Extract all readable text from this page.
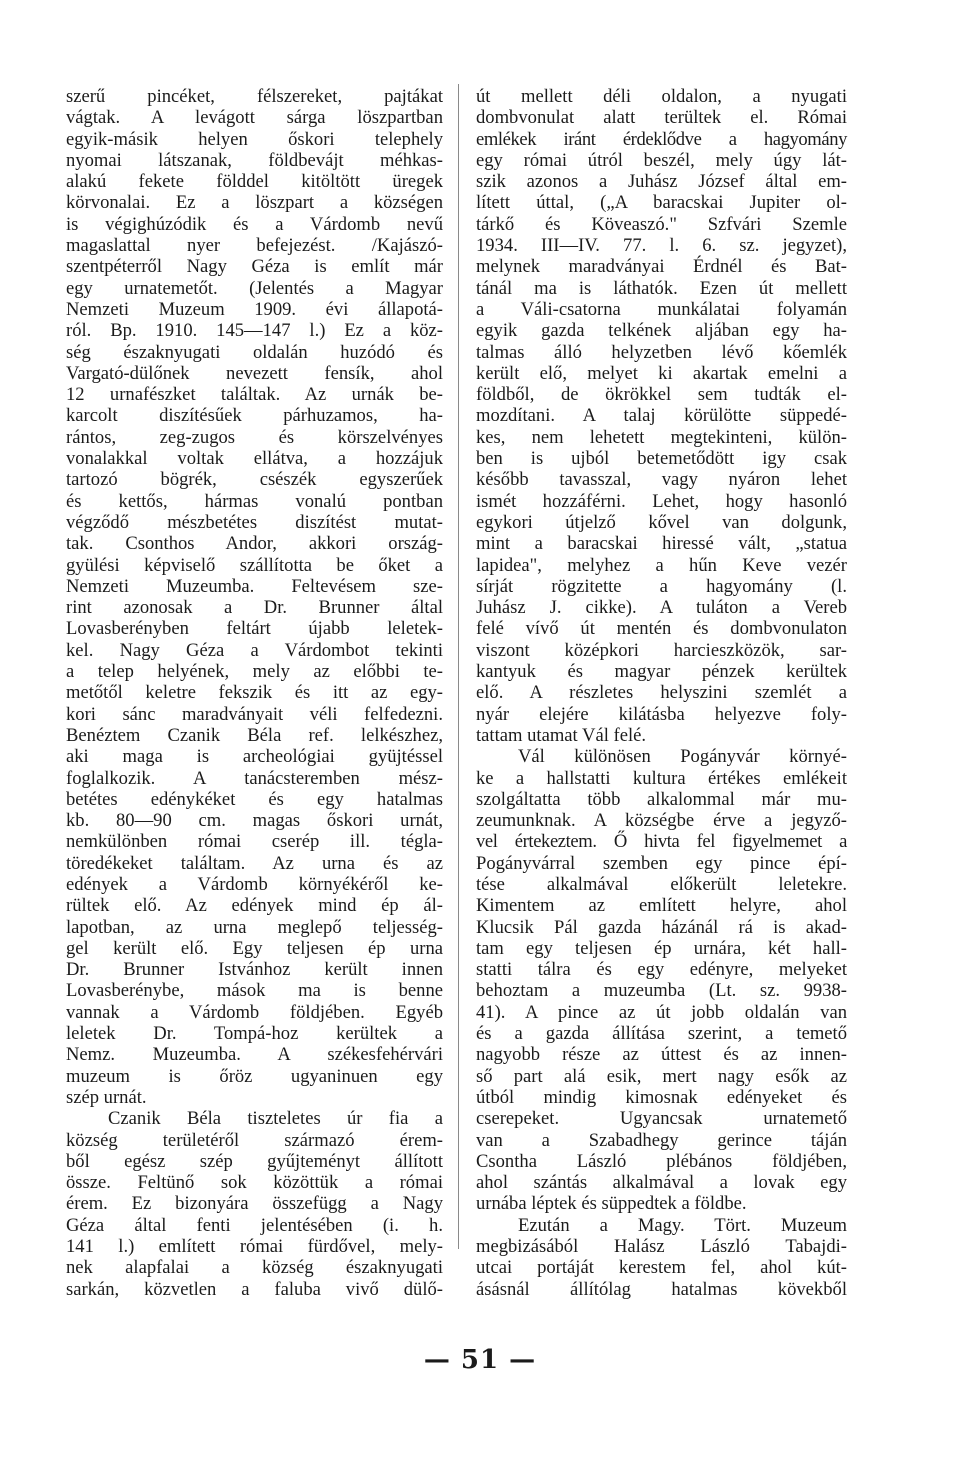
szerű pincéket, félszereket, pajtákat

vágtak. A levágott sárga löszpartban

egyik-másik helyen őskori telephely

nyomai látszanak, földbevájt méhkas-

alakú fekete földdel kitöltött üregek

körvonalai. Ez a löszpart a községen

is végighúzódik és a Várdomb nevű

magaslattal nyer befejezést. /Kajászó-

szentpéterről Nagy Géza is említ már

egy urnatemetőt. (Jelentés a Magyar

Nemzeti Muzeum 1909. évi állapotá-

ról. Bp. 1910. 145—147 l.) Ez a köz-

ség északnyugati oldalán huzódó és

Vargató-dülőnek nevezett fensík, ahol

12 urnafészket találtak. Az urnák be-

karcolt diszítésűek párhuzamos, ha-

rántos, zeg-zugos és körszelvényes

vonalakkal voltak ellátva, a hozzájuk

tartozó bögrék, csészék egyszerűek

és kettős, hármas vonalú pontban

végződő mészbetétes diszítést mutat-

tak. Csonthos Andor, akkori ország-

gyülési képviselő szállította be őket a

Nemzeti Muzeumba. Feltevésem sze-

rint azonosak a Dr. Brunner által

Lovasberényben feltárt újabb leletek-

kel. Nagy Géza a Várdombot tekinti

a telep helyének, mely az előbbi te-

metőtől keletre fekszik és itt az egy-

kori sánc maradványait véli felfedezni.

Benéztem Czanik Béla ref. lelkészhez,

aki maga is archeológiai gyüjtéssel

foglalkozik. A tanácsteremben mész-

betétes edénykéket és egy hatalmas

kb. 80—90 cm. magas őskori urnát,

nemkülönben római cserép ill. tégla-

töredékeket találtam. Az urna és az

edények a Várdomb környékéről ke-

rültek elő. Az edények mind ép ál-

lapotban, az urna meglepő teljesség-

gel került elő. Egy teljesen ép urna

Dr. Brunner Istvánhoz került innen

Lovasberénybe, mások ma is benne

vannak a Várdomb földjében. Egyéb

leletek Dr. Tompá-hoz kerültek a

Nemz. Muzeumba. A székesfehérvári

muzeum is őröz ugyaninuen egy

szép urnát.

Czanik Béla tiszteletes úr fia a

község területéről származó érem-

ből egész szép gyűjteményt állított

össze. Feltünő sok közöttük a római

érem. Ez bizonyára összefügg a Nagy

Géza által fenti jelentésében (i. h.

141 l.) említett római fürdővel, mely-

nek alapfalai a község északnyugati

sarkán, közvetlen a faluba vivő dülő-

út mellett déli oldalon, a nyugati

dombvonulat alatt terültek el. Római

emlékek iránt érdeklődve a hagyomány

egy római útról beszél, mely úgy lát-

szik azonos a Juhász József által em-

lített úttal, („A baracskai Jupiter ol-

tárkő és Köveaszó." Szfvári Szemle

1934. III—IV. 77. l. 6. sz. jegyzet),

melynek maradványai Érdnél és Bat-

tánál ma is láthatók. Ezen út mellett

a Váli-csatorna munkálatai folyamán

egyik gazda telkének aljában egy ha-

talmas álló helyzetben lévő kőemlék

került elő, melyet ki akartak emelni a

földből, de ökrökkel sem tudták el-

mozdítani. A talaj körülötte süppedé-

kes, nem lehetett megtekinteni, külön-

ben is ujból betemetődött igy csak

később tavasszal, vagy nyáron lehet

ismét hozzáférni. Lehet, hogy hasonló

egykori útjelző kővel van dolgunk,

mint a baracskai hiressé vált, „statua

lapidea", melyhez a hűn Keve vezér

sírját rögzitette a hagyomány (l.

Juhász J. cikke). A tuláton a Vereb

felé vívő út mentén és dombvonulaton

viszont középkori harcieszközök, sar-

kantyuk és magyar pénzek kerültek

elő. A részletes helyszini szemlét a

nyár elejére kilátásba helyezve foly-

tattam utamat Vál felé.

Vál különösen Pogányvár környé-

ke a hallstatti kultura értékes emlékeit

szolgáltatta több alkalommal már mu-

zeumunknak. A községbe érve a jegyző-

vel értekeztem. Ő hivta fel figyelmemet a

Pogányvárral szemben egy pince épí-

tése alkalmával előkerült leletekre.

Kimentem az említett helyre, ahol

Klucsik Pál gazda házánál rá is akad-

tam egy teljesen ép urnára, két hall-

statti tálra és egy edényre, melyeket

behoztam a muzeumba (Lt. sz. 9938-

41). A pince az út jobb oldalán van

és a gazda állítása szerint, a temető

nagyobb része az úttest és az innen-

ső part alá esik, mert nagy esők az

útból mindig kimosnak edényeket és

cserepeket. Ugyancsak urnatemető

van a Szabadhegy gerince táján

Csontha László plébános földjében,

ahol szántás alkalmával a lovak egy

urnába léptek és süppedtek a földbe.

Ezután a Magy. Tört. Muzeum

megbizásából Halász László Tabajdi-

utcai portáját kerestem fel, ahol kút-

ásásnál állítólag hatalmas kövekből

— 51 —
